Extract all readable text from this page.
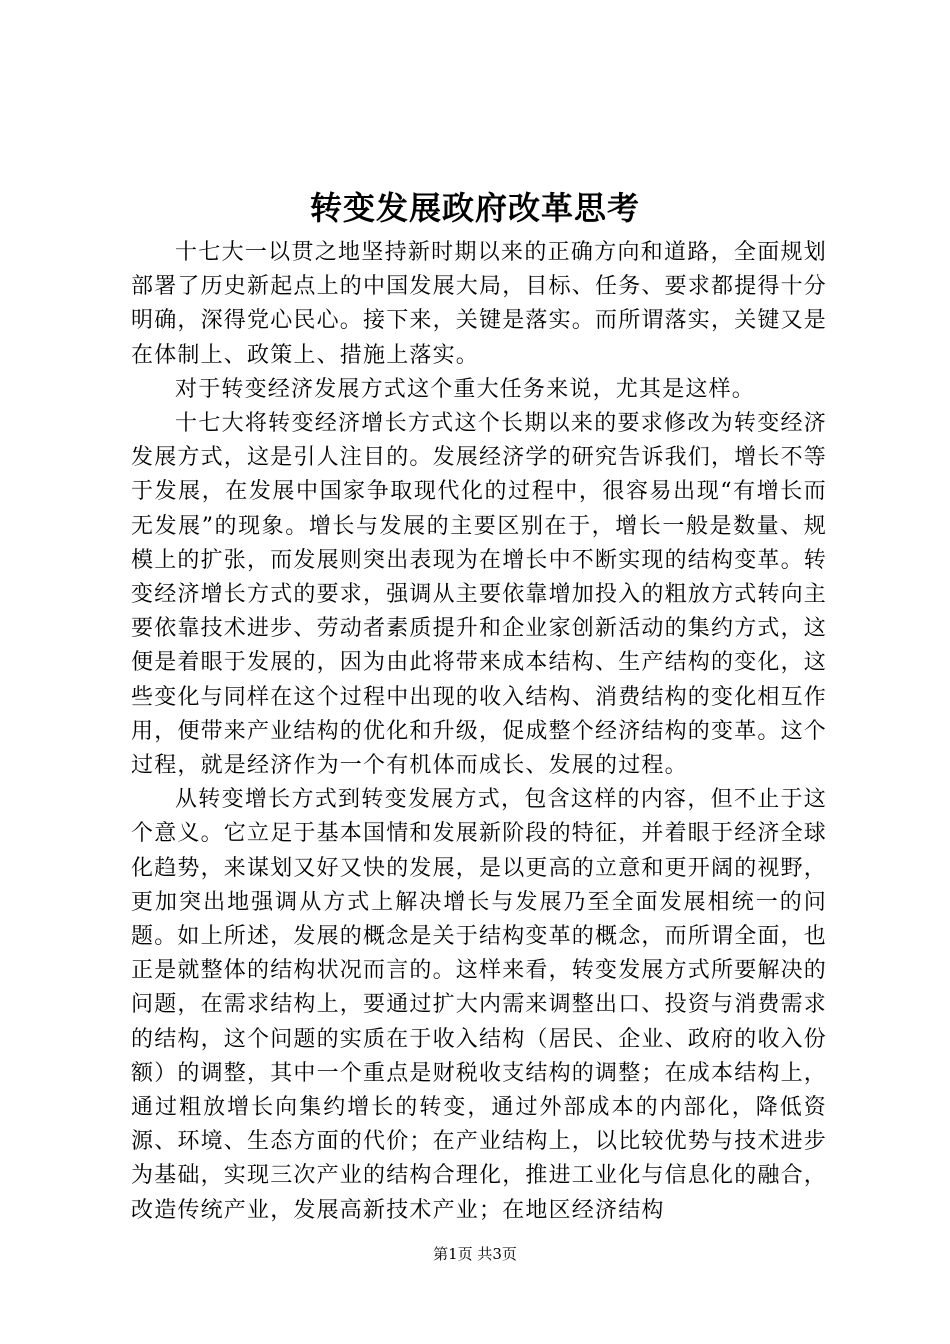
转变发展政府改革思考

十七大一以贯之地坚持新时期以来的正确方向和道路，全面规划部署了历史新起点上的中国发展大局，目标、任务、要求都提得十分明确，深得党心民心。接下来，关键是落实。而所谓落实，关键又是在体制上、政策上、措施上落实。

对于转变经济发展方式这个重大任务来说，尤其是这样。

十七大将转变经济增长方式这个长期以来的要求修改为转变经济发展方式，这是引人注目的。发展经济学的研究告诉我们，增长不等于发展，在发展中国家争取现代化的过程中，很容易出现“有增长而无发展”的现象。增长与发展的主要区别在于，增长一般是数量、规模上的扩张，而发展则突出表现为在增长中不断实现的结构变革。转变经济增长方式的要求，强调从主要依靠增加投入的粗放方式转向主要依靠技术进步、劳动者素质提升和企业家创新活动的集约方式，这便是着眼于发展的，因为由此将带来成本结构、生产结构的变化，这些变化与同样在这个过程中出现的收入结构、消费结构的变化相互作用，便带来产业结构的优化和升级，促成整个经济结构的变革。这个过程，就是经济作为一个有机体而成长、发展的过程。

从转变增长方式到转变发展方式，包含这样的内容，但不止于这个意义。它立足于基本国情和发展新阶段的特征，并着眼于经济全球化趋势，来谋划又好又快的发展，是以更高的立意和更开阔的视野，更加突出地强调从方式上解决增长与发展乃至全面发展相统一的问题。如上所述，发展的概念是关于结构变革的概念，而所谓全面，也正是就整体的结构状况而言的。这样来看，转变发展方式所要解决的问题，在需求结构上，要通过扩大内需来调整出口、投资与消费需求的结构，这个问题的实质在于收入结构（居民、企业、政府的收入份额）的调整，其中一个重点是财税收支结构的调整；在成本结构上，通过粗放增长向集约增长的转变，通过外部成本的内部化，降低资源、环境、生态方面的代价；在产业结构上，以比较优势与技术进步为基础，实现三次产业的结构合理化，推进工业化与信息化的融合，改造传统产业，发展高新技术产业；在地区经济结构

第1页 共3页
